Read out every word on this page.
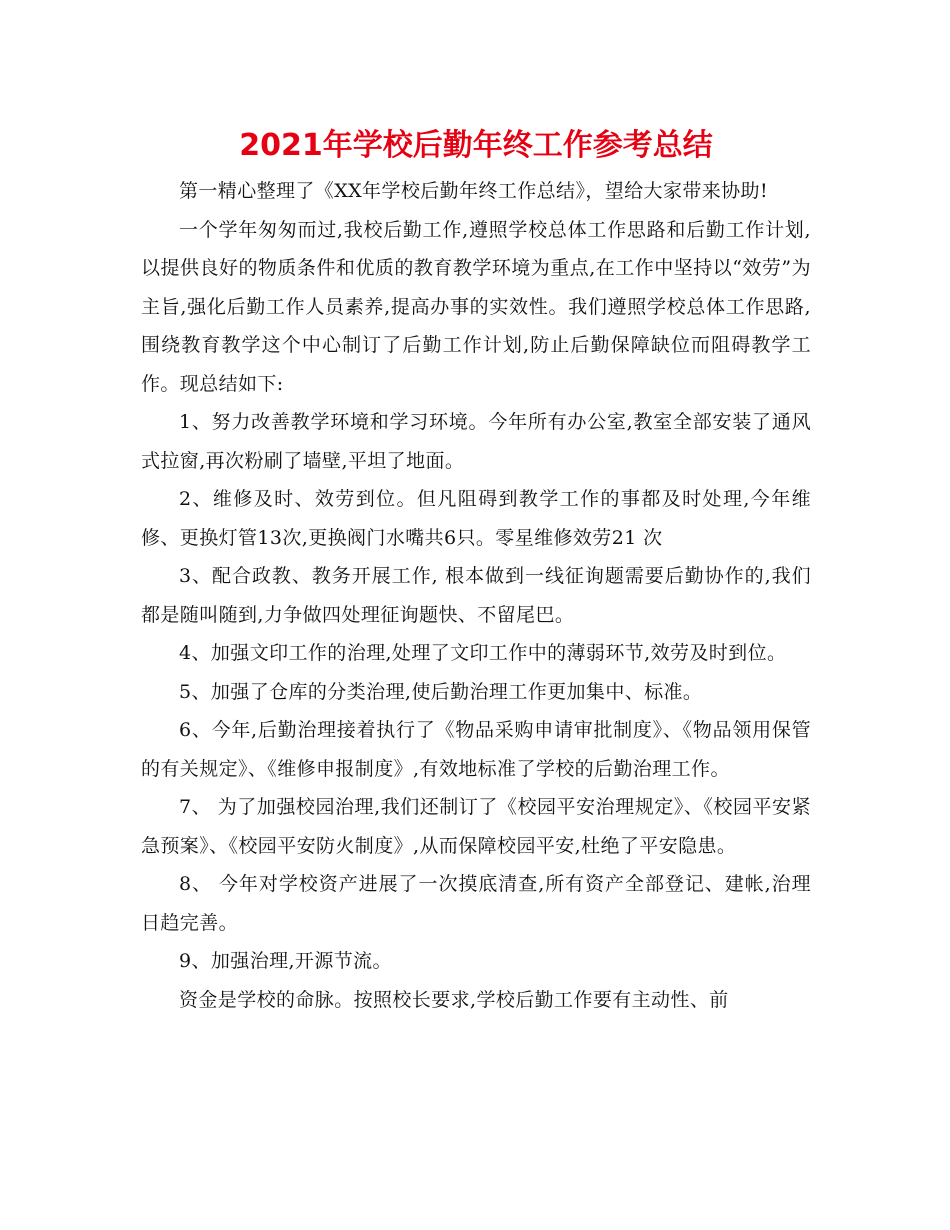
2021年学校后勤年终工作参考总结

第一精心整理了《XX年学校后勤年终工作总结》，望给大家带来协助!

一个学年匆匆而过,我校后勤工作,遵照学校总体工作思路和后勤工作计划,以提供良好的物质条件和优质的教育教学环境为重点,在工作中坚持以“效劳”为主旨,强化后勤工作人员素养,提高办事的实效性。我们遵照学校总体工作思路,围绕教育教学这个中心制订了后勤工作计划,防止后勤保障缺位而阻碍教学工作。现总结如下:

1、努力改善教学环境和学习环境。今年所有办公室,教室全部安装了通风式拉窗,再次粉刷了墙壁,平坦了地面。

2、维修及时、效劳到位。但凡阻碍到教学工作的事都及时处理,今年维修、更换灯管13次,更换阀门水嘴共6只。零星维修效劳21 次

3、配合政教、教务开展工作, 根本做到一线征询题需要后勤协作的,我们都是随叫随到,力争做四处理征询题快、不留尾巴。

4、加强文印工作的治理,处理了文印工作中的薄弱环节,效劳及时到位。

5、加强了仓库的分类治理,使后勤治理工作更加集中、标准。

6、今年,后勤治理接着执行了《物品采购申请审批制度》、《物品领用保管的有关规定》、《维修申报制度》,有效地标准了学校的后勤治理工作。

7、 为了加强校园治理,我们还制订了《校园平安治理规定》、《校园平安紧急预案》、《校园平安防火制度》,从而保障校园平安,杜绝了平安隐患。

8、 今年对学校资产进展了一次摸底清查,所有资产全部登记、建帐,治理日趋完善。

9、加强治理,开源节流。

资金是学校的命脉。按照校长要求,学校后勤工作要有主动性、前
